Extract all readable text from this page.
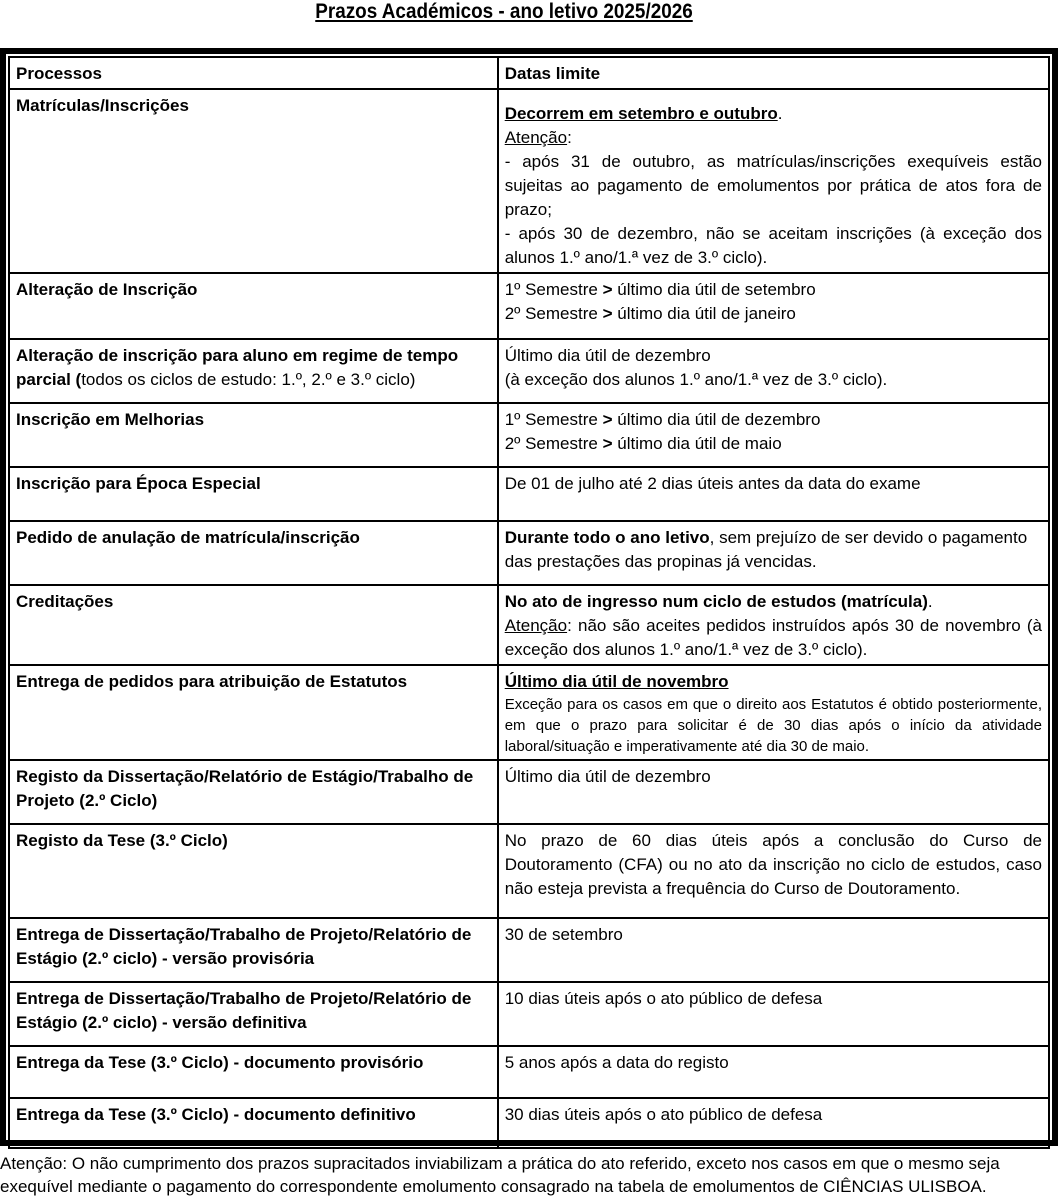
Prazos Académicos - ano letivo 2025/2026
Processos	Datas limite
Matrículas/Inscrições	Decorrem em setembro e outubro.
Atenção:
- após 31 de outubro, as matrículas/inscrições exequíveis estão sujeitas ao pagamento de emolumentos por prática de atos fora de prazo;
- após 30 de dezembro, não se aceitam inscrições (à exceção dos alunos 1.º ano/1.ª vez de 3.º ciclo).
Alteração de Inscrição	1º Semestre > último dia útil de setembro
2º Semestre > último dia útil de janeiro
Alteração de inscrição para aluno em regime de tempo parcial (todos os ciclos de estudo: 1.º, 2.º e 3.º ciclo)	Último dia útil de dezembro
(à exceção dos alunos 1.º ano/1.ª vez de 3.º ciclo).
Inscrição em Melhorias	1º Semestre > último dia útil de dezembro
2º Semestre > último dia útil de maio
Inscrição para Época Especial	De 01 de julho até 2 dias úteis antes da data do exame
Pedido de anulação de matrícula/inscrição	Durante todo o ano letivo, sem prejuízo de ser devido o pagamento das prestações das propinas já vencidas.
Creditações	No ato de ingresso num ciclo de estudos (matrícula).
Atenção: não são aceites pedidos instruídos após 30 de novembro (à exceção dos alunos 1.º ano/1.ª vez de 3.º ciclo).
Entrega de pedidos para atribuição de Estatutos	Último dia útil de novembro

Exceção para os casos em que o direito aos Estatutos é obtido posteriormente, em que o prazo para solicitar é de 30 dias após o início da atividade laboral/situação e imperativamente até dia 30 de maio.

Registo da Dissertação/Relatório de Estágio/Trabalho de Projeto (2.º Ciclo)	Último dia útil de dezembro
Registo da Tese (3.º Ciclo)	No prazo de 60 dias úteis após a conclusão do Curso de Doutoramento (CFA) ou no ato da inscrição no ciclo de estudos, caso não esteja prevista a frequência do Curso de Doutoramento.
Entrega de Dissertação/Trabalho de Projeto/Relatório de Estágio (2.º ciclo) - versão provisória	30 de setembro
Entrega de Dissertação/Trabalho de Projeto/Relatório de Estágio (2.º ciclo) - versão definitiva	10 dias úteis após o ato público de defesa
Entrega da Tese (3.º Ciclo) - documento provisório	5 anos após a data do registo
Entrega da Tese (3.º Ciclo) - documento definitivo	30 dias úteis após o ato público de defesa
Atenção: O não cumprimento dos prazos supracitados inviabilizam a prática do ato referido, exceto nos casos em que o mesmo seja exequível mediante o pagamento do correspondente emolumento consagrado na tabela de emolumentos de CIÊNCIAS ULISBOA.
